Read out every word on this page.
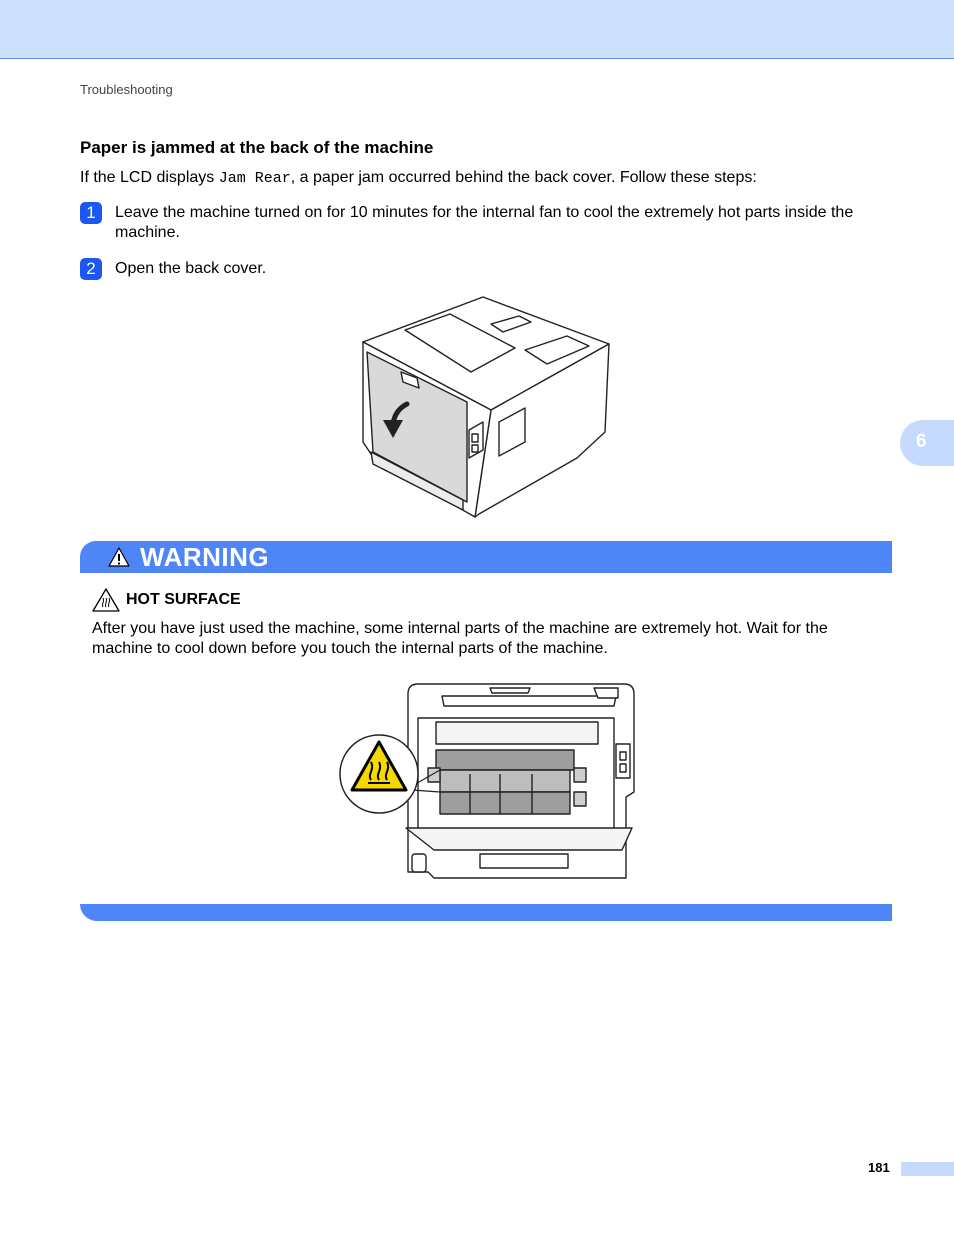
Troubleshooting
Paper is jammed at the back of the machine
If the LCD displays Jam Rear, a paper jam occurred behind the back cover. Follow these steps:
1	Leave the machine turned on for 10 minutes for the internal fan to cool the extremely hot parts inside the machine.
2	Open the back cover.
6
WARNING
HOT SURFACE
After you have just used the machine, some internal parts of the machine are extremely hot. Wait for the machine to cool down before you touch the internal parts of the machine.
181
